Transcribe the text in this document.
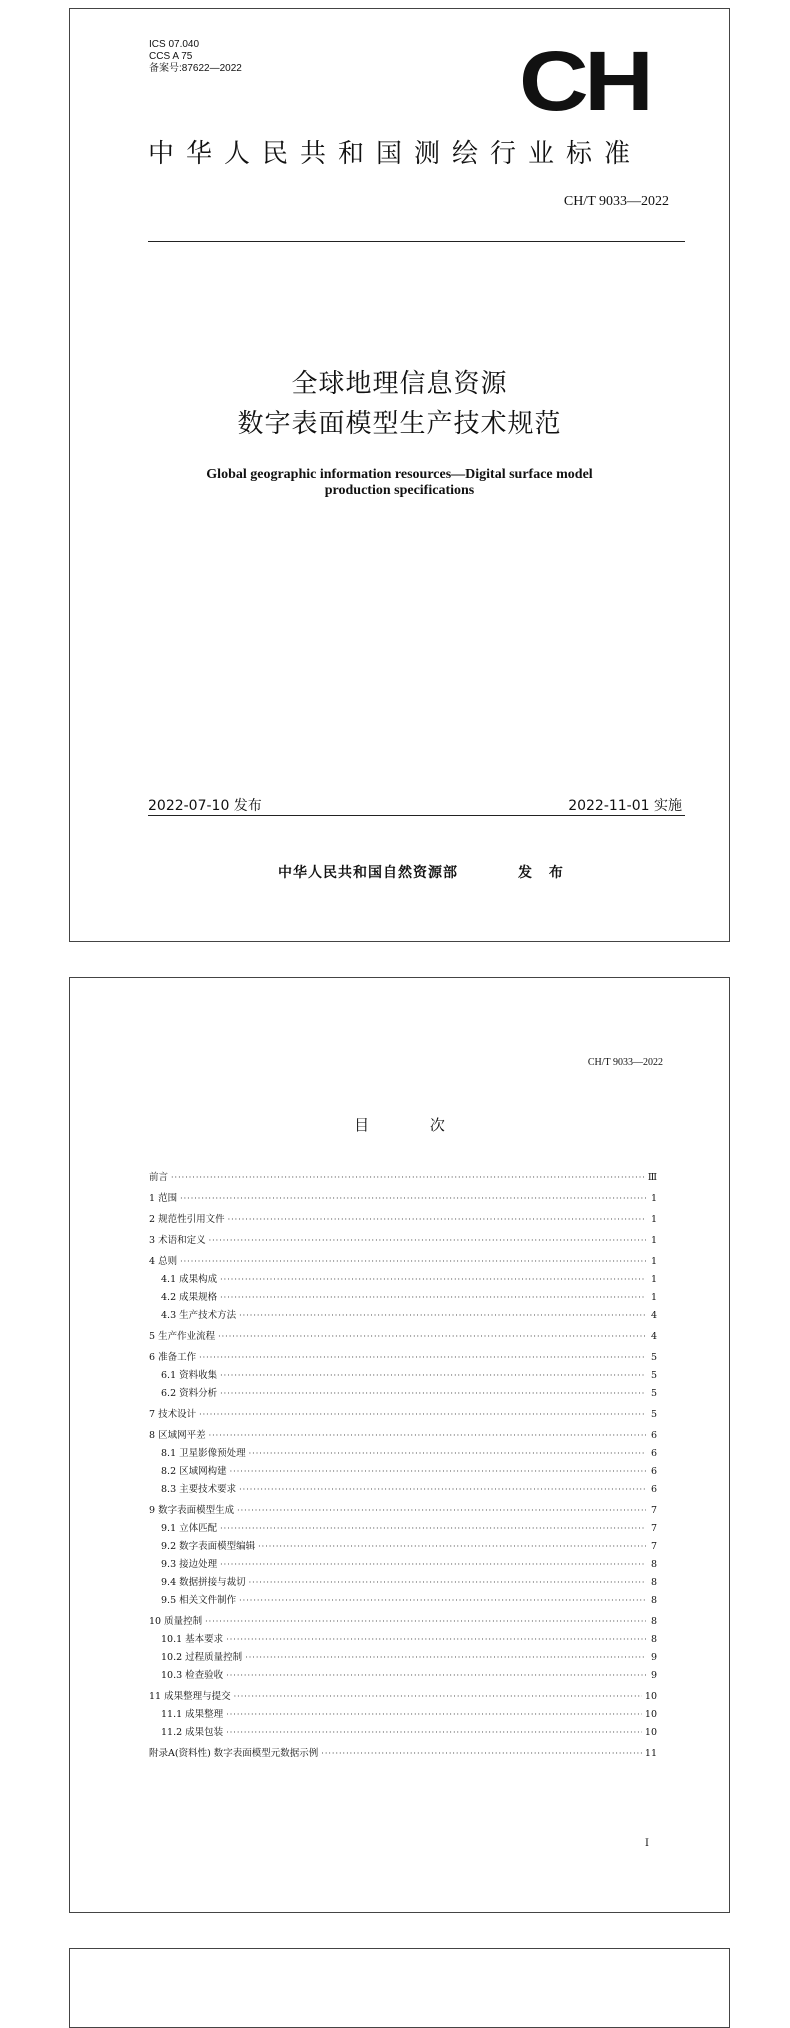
ICS 07.040
CCS A 75
备案号:87622—2022	CH
中华人民共和国测绘行业标准
CH/T 9033—2022
全球地理信息资源
数字表面模型生产技术规范
Global geographic information resources—Digital surface model
production specifications
2022-07-10 发布	2022-11-01 实施
中华人民共和国自然资源部	发 布
CH/T 9033—2022
目 次
前言 ·····	Ⅲ
1 范围 ·····	1
2 规范性引用文件 ·····	1
3 术语和定义 ·····	1
4 总则 ·····	1
4.1 成果构成 ·····	1
4.2 成果规格 ·····	1
4.3 生产技术方法 ·····	4
5 生产作业流程 ·····	4
6 准备工作 ·····	5
6.1 资料收集 ·····	5
6.2 资料分析 ·····	5
7 技术设计 ·····	5
8 区域网平差 ·····	6
8.1 卫星影像预处理 ·····	6
8.2 区域网构建 ·····	6
8.3 主要技术要求 ·····	6
9 数字表面模型生成 ·····	7
9.1 立体匹配 ·····	7
9.2 数字表面模型编辑 ·····	7
9.3 接边处理 ·····	8
9.4 数据拼接与裁切 ·····	8
9.5 相关文件制作 ·····	8
10 质量控制 ·····	8
10.1 基本要求 ·····	8
10.2 过程质量控制 ·····	9
10.3 检查验收 ·····	9
11 成果整理与提交 ·····	10
11.1 成果整理 ·····	10
11.2 成果包装 ·····	10
附录A(资料性) 数字表面模型元数据示例 ·····	11
I
